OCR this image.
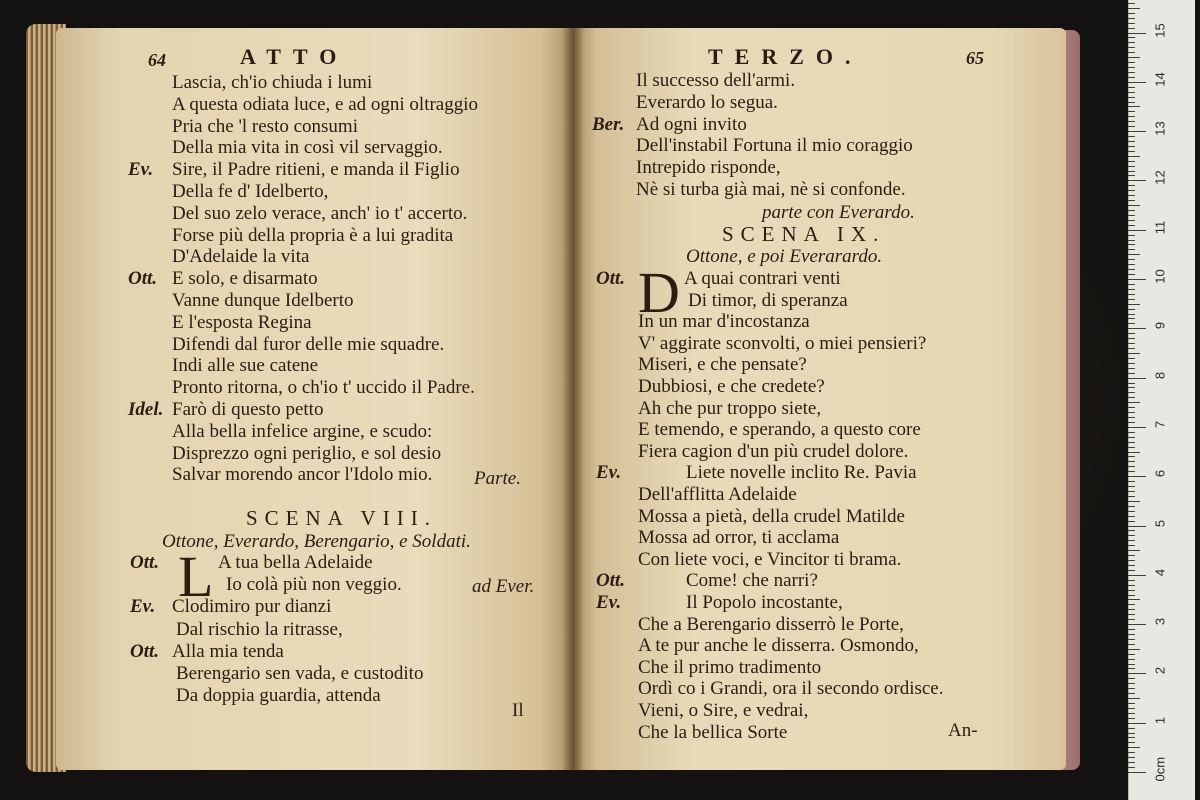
64	ATTO
Lascia, ch'io chiuda i lumi
A questa odiata luce, e ad ogni oltraggio
Pria che 'l resto consumi
Della mia vita in così vil servaggio.
Ev. Sire, il Padre ritieni, e manda il Figlio
Della fe d' Idelberto,
Del suo zelo verace, anch' io t' accerto.
Forse più della propria è a lui gradita
D'Adelaide la vita
Ott. E solo, e disarmato
Vanne dunque Idelberto
E l'esposta Regina
Difendi dal furor delle mie squadre.
Indi alle sue catene
Pronto ritorna, o ch'io t' uccido il Padre.
Idel. Farò di questo petto
Alla bella infelice argine, e scudo:
Disprezzo ogni periglio, e sol desio
Salvar morendo ancor l'Idolo mio. Parte.
SCENA VIII.
Ottone, Everardo, Berengario, e Soldati.
L
Ott.	A tua bella Adelaide
Io colà più non veggio.
Ev. Clodimiro pur dianzi
Dal rischio la ritrasse,
Ott. Alla mia tenda
Berengario sen vada, e custodito
Da doppia guardia, attenda
ad Ever.
Il
TERZO.	65
Il successo dell'armi.
Everardo lo segua.
Ber. Ad ogni invito
Dell'instabil Fortuna il mio coraggio
Intrepido risponde,
Nè si turba già mai, nè si confonde.
parte con Everardo.
SCENA IX.
Ottone, e poi Everarardo.
D
Ott.	A quai contrari venti
Di timor, di speranza
In un mar d'incostanza
V' aggirate sconvolti, o miei pensieri?
Miseri, e che pensate?
Dubbiosi, e che credete?
Ah che pur troppo siete,
E temendo, e sperando, a questo core
Fiera cagion d'un più crudel dolore.
Ev.	Liete novelle inclito Re. Pavia
Dell'afflitta Adelaide
Mossa a pietà, della crudel Matilde
Mossa ad orror, ti acclama
Con liete voci, e Vincitor ti brama.
Ott.	Come! che narri?
Ev.	Il Popolo incostante,
Che a Berengario disserrò le Porte,
A te pur anche le disserra. Osmondo,
Che il primo tradimento
Ordì co i Grandi, ora il secondo ordisce.
Vieni, o Sire, e vedrai,
Che la bellica Sorte	An-
0cm
1
2
3
4
5
6
7
8
9
10
11
12
13
14
15
